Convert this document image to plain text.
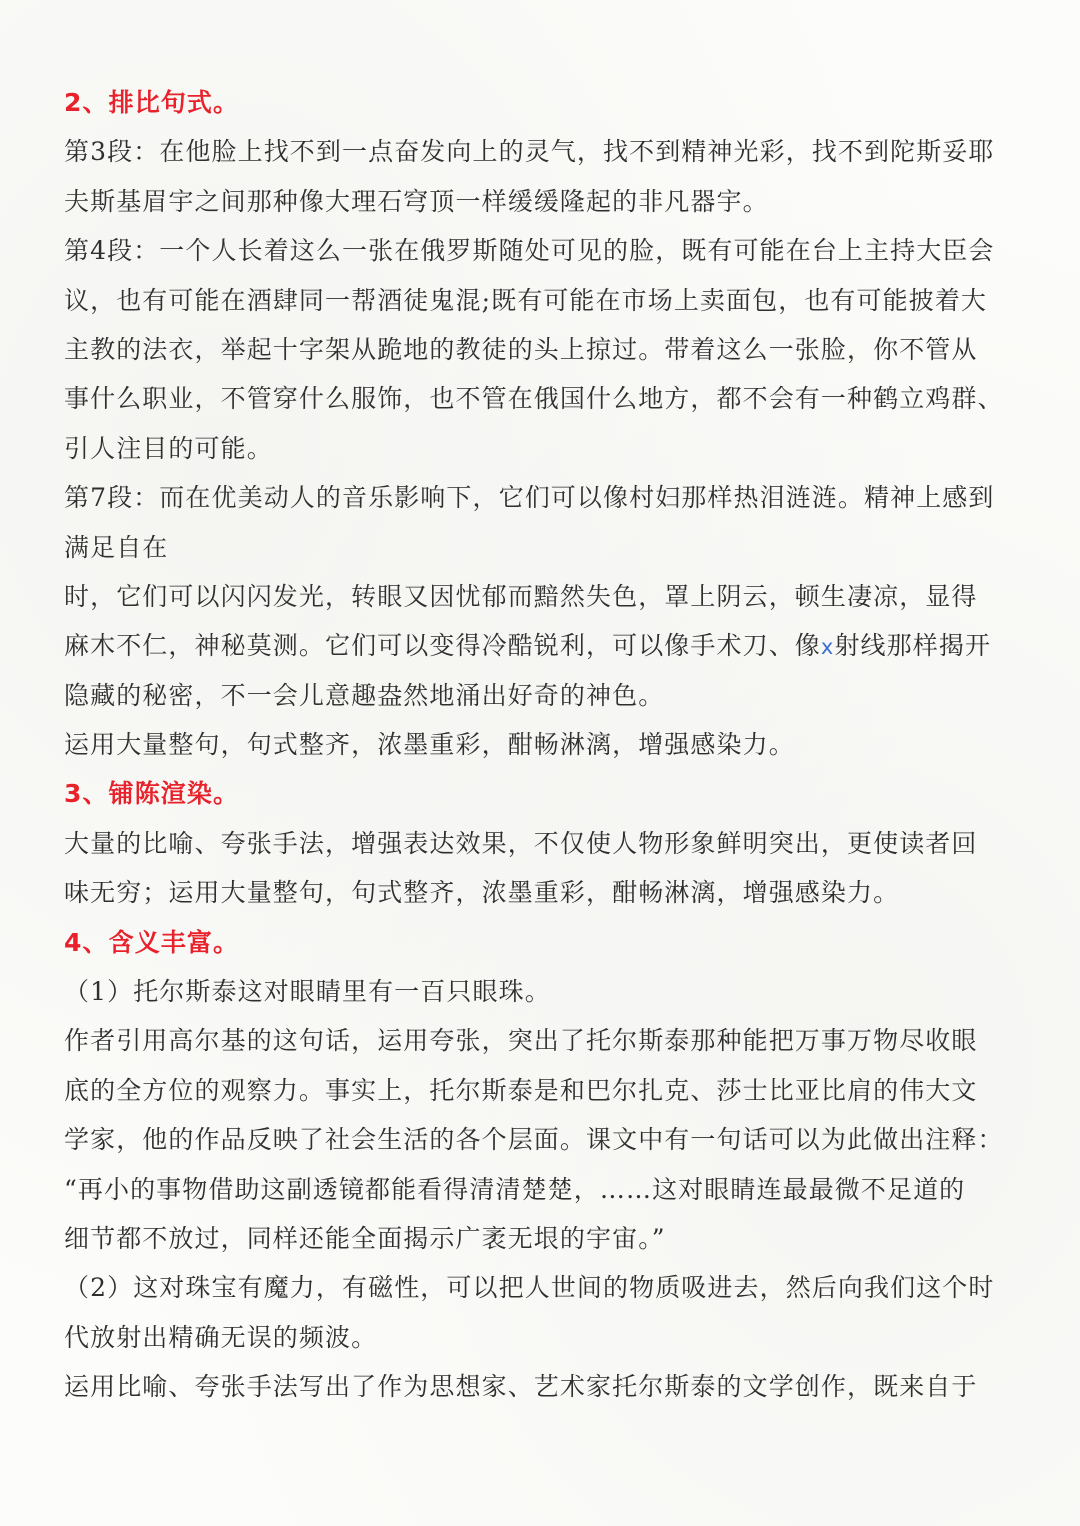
2、排比句式。
第3段：在他脸上找不到一点奋发向上的灵气，找不到精神光彩，找不到陀斯妥耶
夫斯基眉宇之间那种像大理石穹顶一样缓缓隆起的非凡器宇。
第4段：一个人长着这么一张在俄罗斯随处可见的脸，既有可能在台上主持大臣会
议，也有可能在酒肆同一帮酒徒鬼混;既有可能在市场上卖面包，也有可能披着大
主教的法衣，举起十字架从跪地的教徒的头上掠过。带着这么一张脸，你不管从
事什么职业，不管穿什么服饰，也不管在俄国什么地方，都不会有一种鹤立鸡群、
引人注目的可能。
第7段：而在优美动人的音乐影响下，它们可以像村妇那样热泪涟涟。精神上感到
满足自在
时，它们可以闪闪发光，转眼又因忧郁而黯然失色，罩上阴云，顿生凄凉，显得
麻木不仁，神秘莫测。它们可以变得冷酷锐利，可以像手术刀、像x射线那样揭开
隐藏的秘密，不一会儿意趣盎然地涌出好奇的神色。
运用大量整句，句式整齐，浓墨重彩，酣畅淋漓，增强感染力。
3、铺陈渲染。
大量的比喻、夸张手法，增强表达效果，不仅使人物形象鲜明突出，更使读者回
味无穷；运用大量整句，句式整齐，浓墨重彩，酣畅淋漓，增强感染力。
4、含义丰富。
（1）托尔斯泰这对眼睛里有一百只眼珠。
作者引用高尔基的这句话，运用夸张，突出了托尔斯泰那种能把万事万物尽收眼
底的全方位的观察力。事实上，托尔斯泰是和巴尔扎克、莎士比亚比肩的伟大文
学家，他的作品反映了社会生活的各个层面。课文中有一句话可以为此做出注释：
“再小的事物借助这副透镜都能看得清清楚楚，……这对眼睛连最最微不足道的
细节都不放过，同样还能全面揭示广袤无垠的宇宙。”
（2）这对珠宝有魔力，有磁性，可以把人世间的物质吸进去，然后向我们这个时
代放射出精确无误的频波。
运用比喻、夸张手法写出了作为思想家、艺术家托尔斯泰的文学创作，既来自于
